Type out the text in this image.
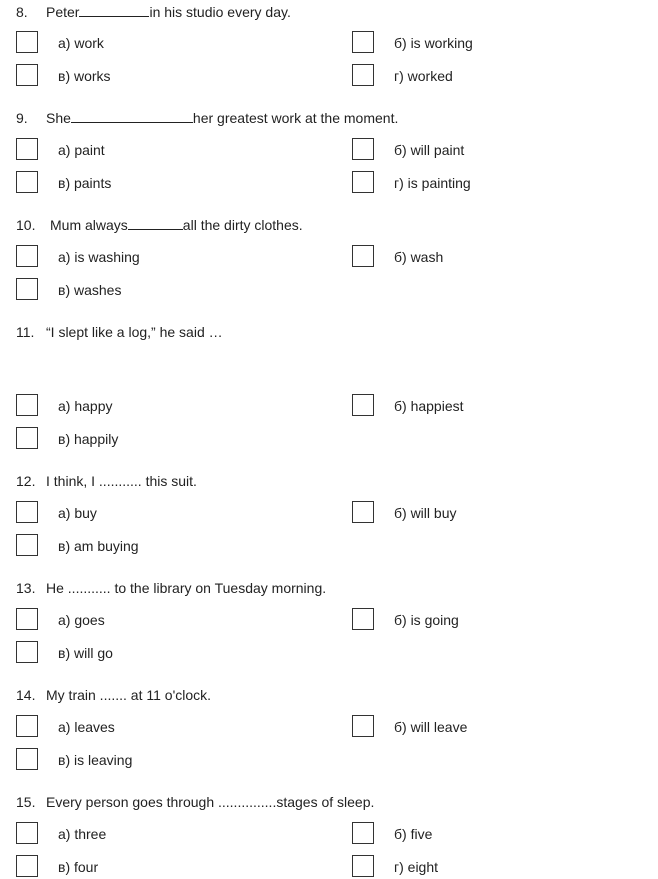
8. Peter	in his studio every day.
а) work	б) is working
в) works	г) worked
9. She	her greatest work at the moment.
а) paint	б) will paint
в) paints	г) is painting
10. Mum always	all the dirty clothes.
а) is washing	б) wash
в) washes
11. “I slept like a log,” he said …
а) happy	б) happiest
в) happily
12. I think, I ........... this suit.
а) buy	б) will buy
в) am buying
13. He ........... to the library on Tuesday morning.
а) goes	б) is going
в) will go
14. My train ....... at 11 o'clock.
а) leaves	б) will leave
в) is leaving
15. Every person goes through ...............stages of sleep.
а) three	б) five
в) four	г) eight
